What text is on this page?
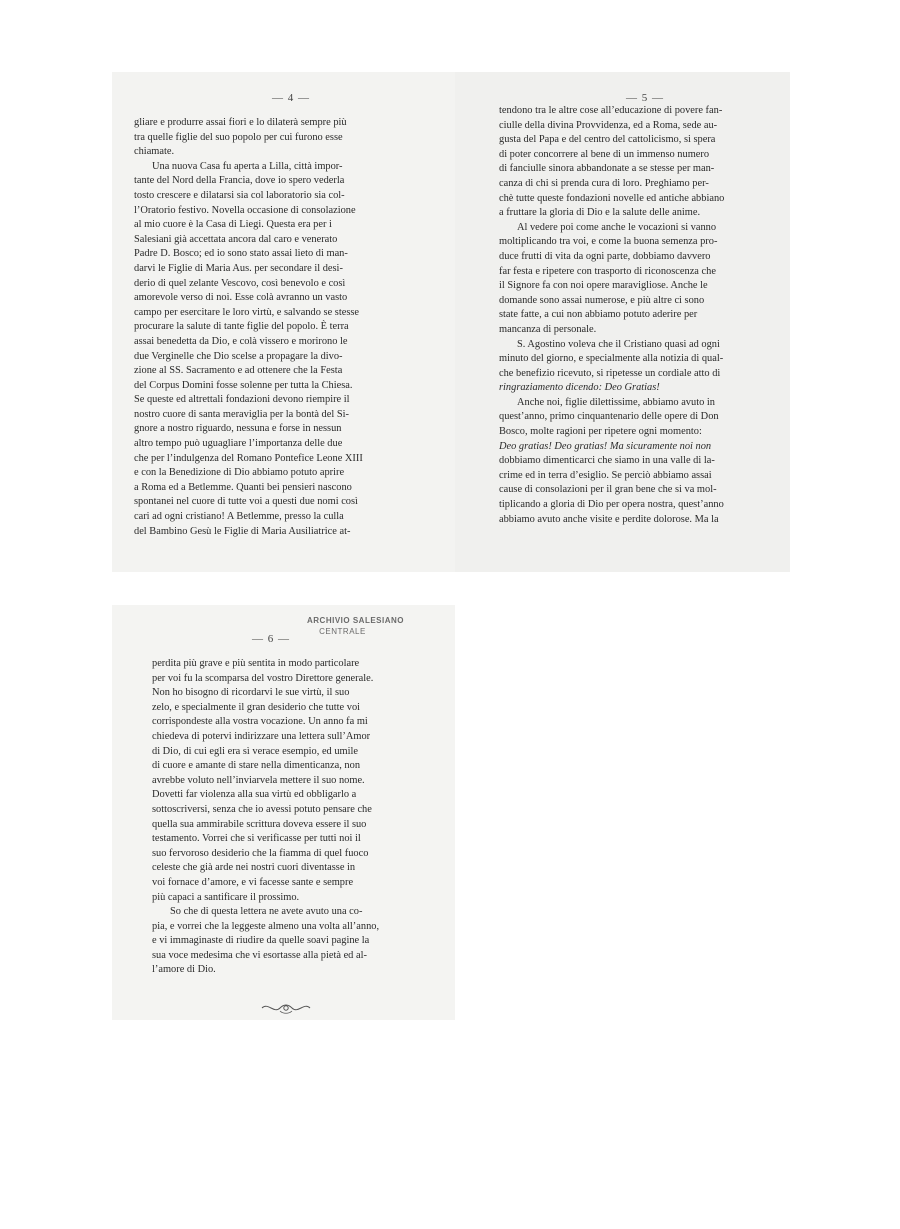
— 4 —
gliare e produrre assai fiori e lo dilaterà sempre più
tra quelle figlie del suo popolo per cui furono esse
chiamate.
Una nuova Casa fu aperta a Lilla, città impor-
tante del Nord della Francia, dove io spero vederla
tosto crescere e dilatarsi sia col laboratorio sia col-
l’Oratorio festivo. Novella occasione di consolazione
al mio cuore è la Casa di Liegi. Questa era per i
Salesiani già accettata ancora dal caro e venerato
Padre D. Bosco; ed io sono stato assai lieto di man-
darvi le Figlie di Maria Aus. per secondare il desi-
derio di quel zelante Vescovo, così benevolo e così
amorevole verso di noi. Esse colà avranno un vasto
campo per esercitare le loro virtù, e salvando se stesse
procurare la salute di tante figlie del popolo. È terra
assai benedetta da Dio, e colà vissero e morirono le
due Verginelle che Dio scelse a propagare la divo-
zione al SS. Sacramento e ad ottenere che la Festa
del Corpus Domini fosse solenne per tutta la Chiesa.
Se queste ed altrettali fondazioni devono riempire il
nostro cuore di santa meraviglia per la bontà del Si-
gnore a nostro riguardo, nessuna e forse in nessun
altro tempo può uguagliare l’importanza delle due
che per l’indulgenza del Romano Pontefice Leone XIII
e con la Benedizione di Dio abbiamo potuto aprire
a Roma ed a Betlemme. Quanti bei pensieri nascono
spontanei nel cuore di tutte voi a questi due nomi così
cari ad ogni cristiano! A Betlemme, presso la culla
del Bambino Gesù le Figlie di Maria Ausiliatrice at-
— 5 —
tendono tra le altre cose all’educazione di povere fan-
ciulle della divina Provvidenza, ed a Roma, sede au-
gusta del Papa e del centro del cattolicismo, si spera
di poter concorrere al bene di un immenso numero
di fanciulle sinora abbandonate a se stesse per man-
canza di chi si prenda cura di loro. Preghiamo per-
chè tutte queste fondazioni novelle ed antiche abbiano
a fruttare la gloria di Dio e la salute delle anime.
Al vedere poi come anche le vocazioni si vanno
moltiplicando tra voi, e come la buona semenza pro-
duce frutti di vita da ogni parte, dobbiamo davvero
far festa e ripetere con trasporto di riconoscenza che
il Signore fa con noi opere maravigliose. Anche le
domande sono assai numerose, e più altre ci sono
state fatte, a cui non abbiamo potuto aderire per
mancanza di personale.
S. Agostino voleva che il Cristiano quasi ad ogni
minuto del giorno, e specialmente alla notizia di qual-
che benefizio ricevuto, si ripetesse un cordiale atto di
ringraziamento dicendo: Deo Gratias!
Anche noi, figlie dilettissime, abbiamo avuto in
quest’anno, primo cinquantenario delle opere di Don
Bosco, molte ragioni per ripetere ogni momento:
Deo gratias! Deo gratias! Ma sicuramente noi non
dobbiamo dimenticarci che siamo in una valle di la-
crime ed in terra d’esiglio. Se perciò abbiamo assai
cause di consolazioni per il gran bene che si va mol-
tiplicando a gloria di Dio per opera nostra, quest’anno
abbiamo avuto anche visite e perdite dolorose. Ma la
ARCHIVIO SALESIANO
CENTRALE
— 6 —
perdita più grave e più sentita in modo particolare
per voi fu la scomparsa del vostro Direttore generale.
Non ho bisogno di ricordarvi le sue virtù, il suo
zelo, e specialmente il gran desiderio che tutte voi
corrispondeste alla vostra vocazione. Un anno fa mi
chiedeva di potervi indirizzare una lettera sull’Amor
di Dio, di cui egli era sì verace esempio, ed umile
di cuore e amante di stare nella dimenticanza, non
avrebbe voluto nell’inviarvela mettere il suo nome.
Dovetti far violenza alla sua virtù ed obbligarlo a
sottoscriversi, senza che io avessi potuto pensare che
quella sua ammirabile scrittura doveva essere il suo
testamento. Vorrei che si verificasse per tutti noi il
suo fervoroso desiderio che la fiamma di quel fuoco
celeste che già arde nei nostri cuori diventasse in
voi fornace d’amore, e vi facesse sante e sempre
più capaci a santificare il prossimo.
So che di questa lettera ne avete avuto una co-
pia, e vorrei che la leggeste almeno una volta all’anno,
e vi immaginaste di riudire da quelle soavi pagine la
sua voce medesima che vi esortasse alla pietà ed al-
l’amore di Dio.
